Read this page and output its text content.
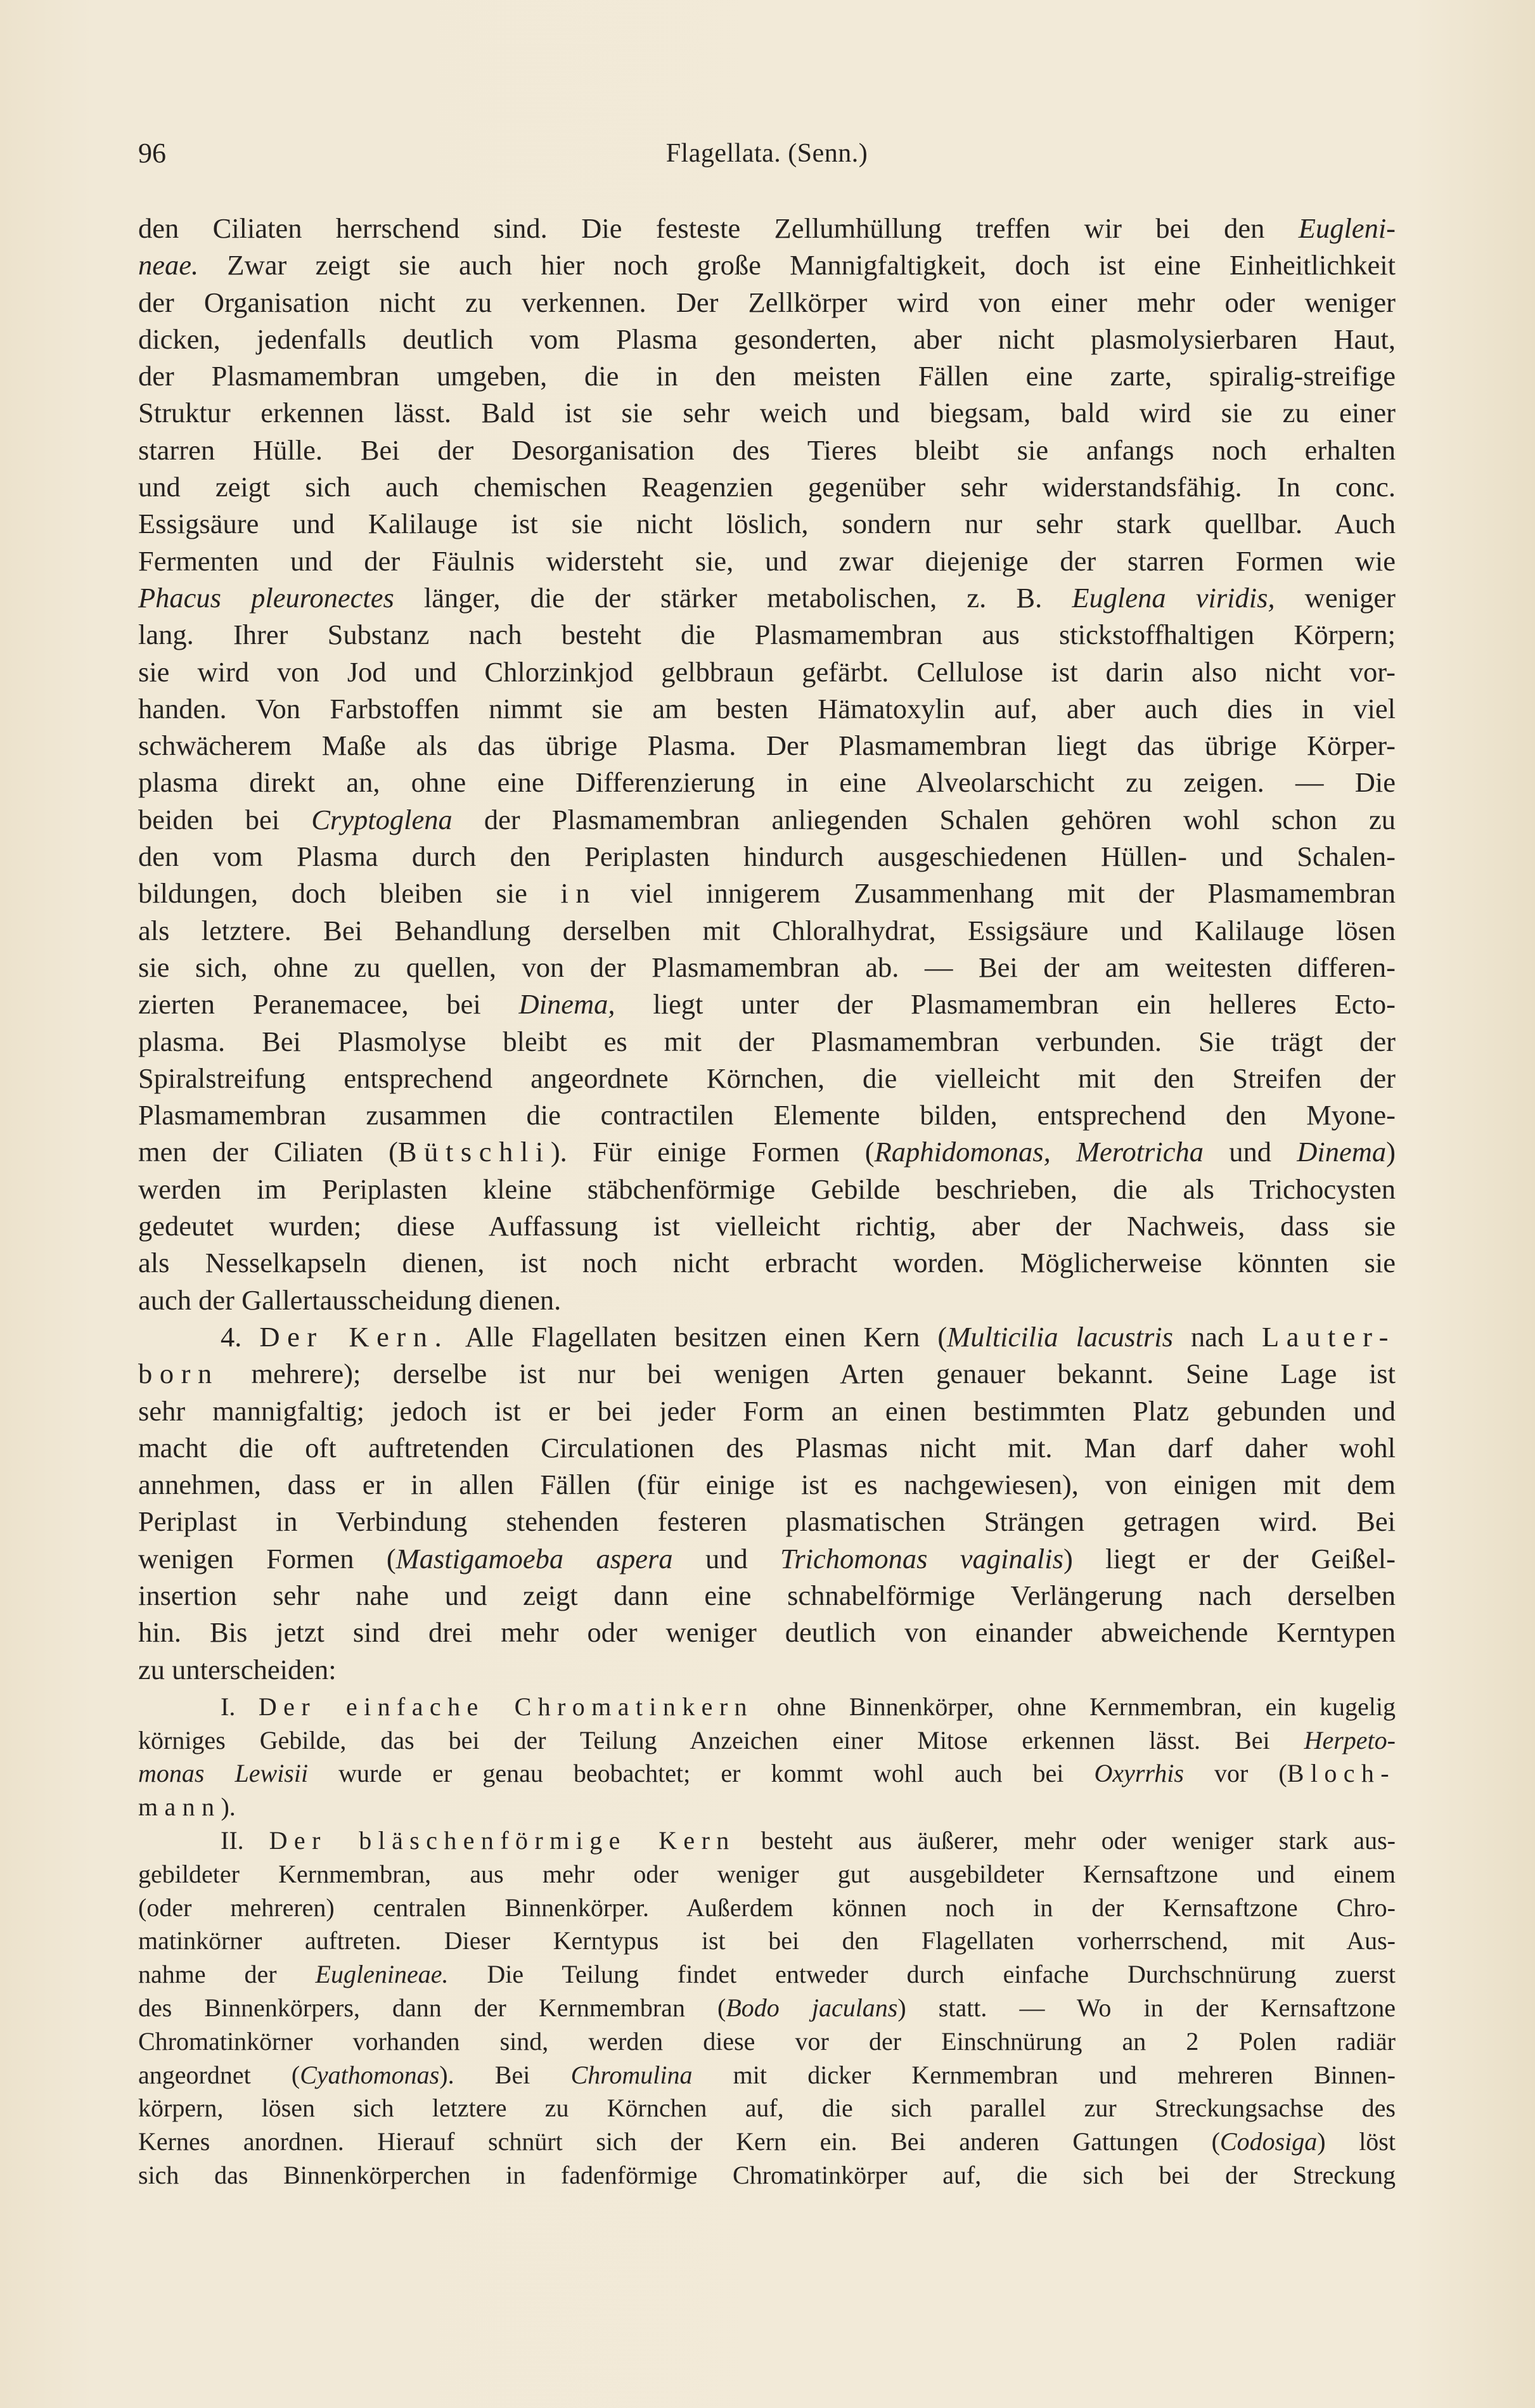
96	Flagellata. (Senn.)
den Ciliaten herrschend sind. Die festeste Zellumhüllung treffen wir bei den Eugleni-
neae. Zwar zeigt sie auch hier noch große Mannigfaltigkeit, doch ist eine Einheitlichkeit
der Organisation nicht zu verkennen. Der Zellkörper wird von einer mehr oder weniger
dicken, jedenfalls deutlich vom Plasma gesonderten, aber nicht plasmolysierbaren Haut,
der Plasmamembran umgeben, die in den meisten Fällen eine zarte, spiralig-streifige
Struktur erkennen lässt. Bald ist sie sehr weich und biegsam, bald wird sie zu einer
starren Hülle. Bei der Desorganisation des Tieres bleibt sie anfangs noch erhalten
und zeigt sich auch chemischen Reagenzien gegenüber sehr widerstandsfähig. In conc.
Essigsäure und Kalilauge ist sie nicht löslich, sondern nur sehr stark quellbar. Auch
Fermenten und der Fäulnis widersteht sie, und zwar diejenige der starren Formen wie
Phacus pleuronectes länger, die der stärker metabolischen, z. B. Euglena viridis, weniger
lang. Ihrer Substanz nach besteht die Plasmamembran aus stickstoffhaltigen Körpern;
sie wird von Jod und Chlorzinkjod gelbbraun gefärbt. Cellulose ist darin also nicht vor-
handen. Von Farbstoffen nimmt sie am besten Hämatoxylin auf, aber auch dies in viel
schwächerem Maße als das übrige Plasma. Der Plasmamembran liegt das übrige Körper-
plasma direkt an, ohne eine Differenzierung in eine Alveolarschicht zu zeigen. — Die
beiden bei Cryptoglena der Plasmamembran anliegenden Schalen gehören wohl schon zu
den vom Plasma durch den Periplasten hindurch ausgeschiedenen Hüllen- und Schalen-
bildungen, doch bleiben sie in viel innigerem Zusammenhang mit der Plasmamembran
als letztere. Bei Behandlung derselben mit Chloralhydrat, Essigsäure und Kalilauge lösen
sie sich, ohne zu quellen, von der Plasmamembran ab. — Bei der am weitesten differen-
zierten Peranemacee, bei Dinema, liegt unter der Plasmamembran ein helleres Ecto-
plasma. Bei Plasmolyse bleibt es mit der Plasmamembran verbunden. Sie trägt der
Spiralstreifung entsprechend angeordnete Körnchen, die vielleicht mit den Streifen der
Plasmamembran zusammen die contractilen Elemente bilden, entsprechend den Myone-
men der Ciliaten (Bütschli). Für einige Formen (Raphidomonas, Merotricha und Dinema)
werden im Periplasten kleine stäbchenförmige Gebilde beschrieben, die als Trichocysten
gedeutet wurden; diese Auffassung ist vielleicht richtig, aber der Nachweis, dass sie
als Nesselkapseln dienen, ist noch nicht erbracht worden. Möglicherweise könnten sie
auch der Gallertausscheidung dienen.
4. Der Kern. Alle Flagellaten besitzen einen Kern (Multicilia lacustris nach Lauter-
born mehrere); derselbe ist nur bei wenigen Arten genauer bekannt. Seine Lage ist
sehr mannigfaltig; jedoch ist er bei jeder Form an einen bestimmten Platz gebunden und
macht die oft auftretenden Circulationen des Plasmas nicht mit. Man darf daher wohl
annehmen, dass er in allen Fällen (für einige ist es nachgewiesen), von einigen mit dem
Periplast in Verbindung stehenden festeren plasmatischen Strängen getragen wird. Bei
wenigen Formen (Mastigamoeba aspera und Trichomonas vaginalis) liegt er der Geißel-
insertion sehr nahe und zeigt dann eine schnabelförmige Verlängerung nach derselben
hin. Bis jetzt sind drei mehr oder weniger deutlich von einander abweichende Kerntypen
zu unterscheiden:
I. Der einfache Chromatinkern ohne Binnenkörper, ohne Kernmembran, ein kugelig
körniges Gebilde, das bei der Teilung Anzeichen einer Mitose erkennen lässt. Bei Herpeto-
monas Lewisii wurde er genau beobachtet; er kommt wohl auch bei Oxyrrhis vor (Bloch-
mann).
II. Der bläschenförmige Kern besteht aus äußerer, mehr oder weniger stark aus-
gebildeter Kernmembran, aus mehr oder weniger gut ausgebildeter Kernsaftzone und einem
(oder mehreren) centralen Binnenkörper. Außerdem können noch in der Kernsaftzone Chro-
matinkörner auftreten. Dieser Kerntypus ist bei den Flagellaten vorherrschend, mit Aus-
nahme der Euglenineae. Die Teilung findet entweder durch einfache Durchschnürung zuerst
des Binnenkörpers, dann der Kernmembran (Bodo jaculans) statt. — Wo in der Kernsaftzone
Chromatinkörner vorhanden sind, werden diese vor der Einschnürung an 2 Polen radiär
angeordnet (Cyathomonas). Bei Chromulina mit dicker Kernmembran und mehreren Binnen-
körpern, lösen sich letztere zu Körnchen auf, die sich parallel zur Streckungsachse des
Kernes anordnen. Hierauf schnürt sich der Kern ein. Bei anderen Gattungen (Codosiga) löst
sich das Binnenkörperchen in fadenförmige Chromatinkörper auf, die sich bei der Streckung
